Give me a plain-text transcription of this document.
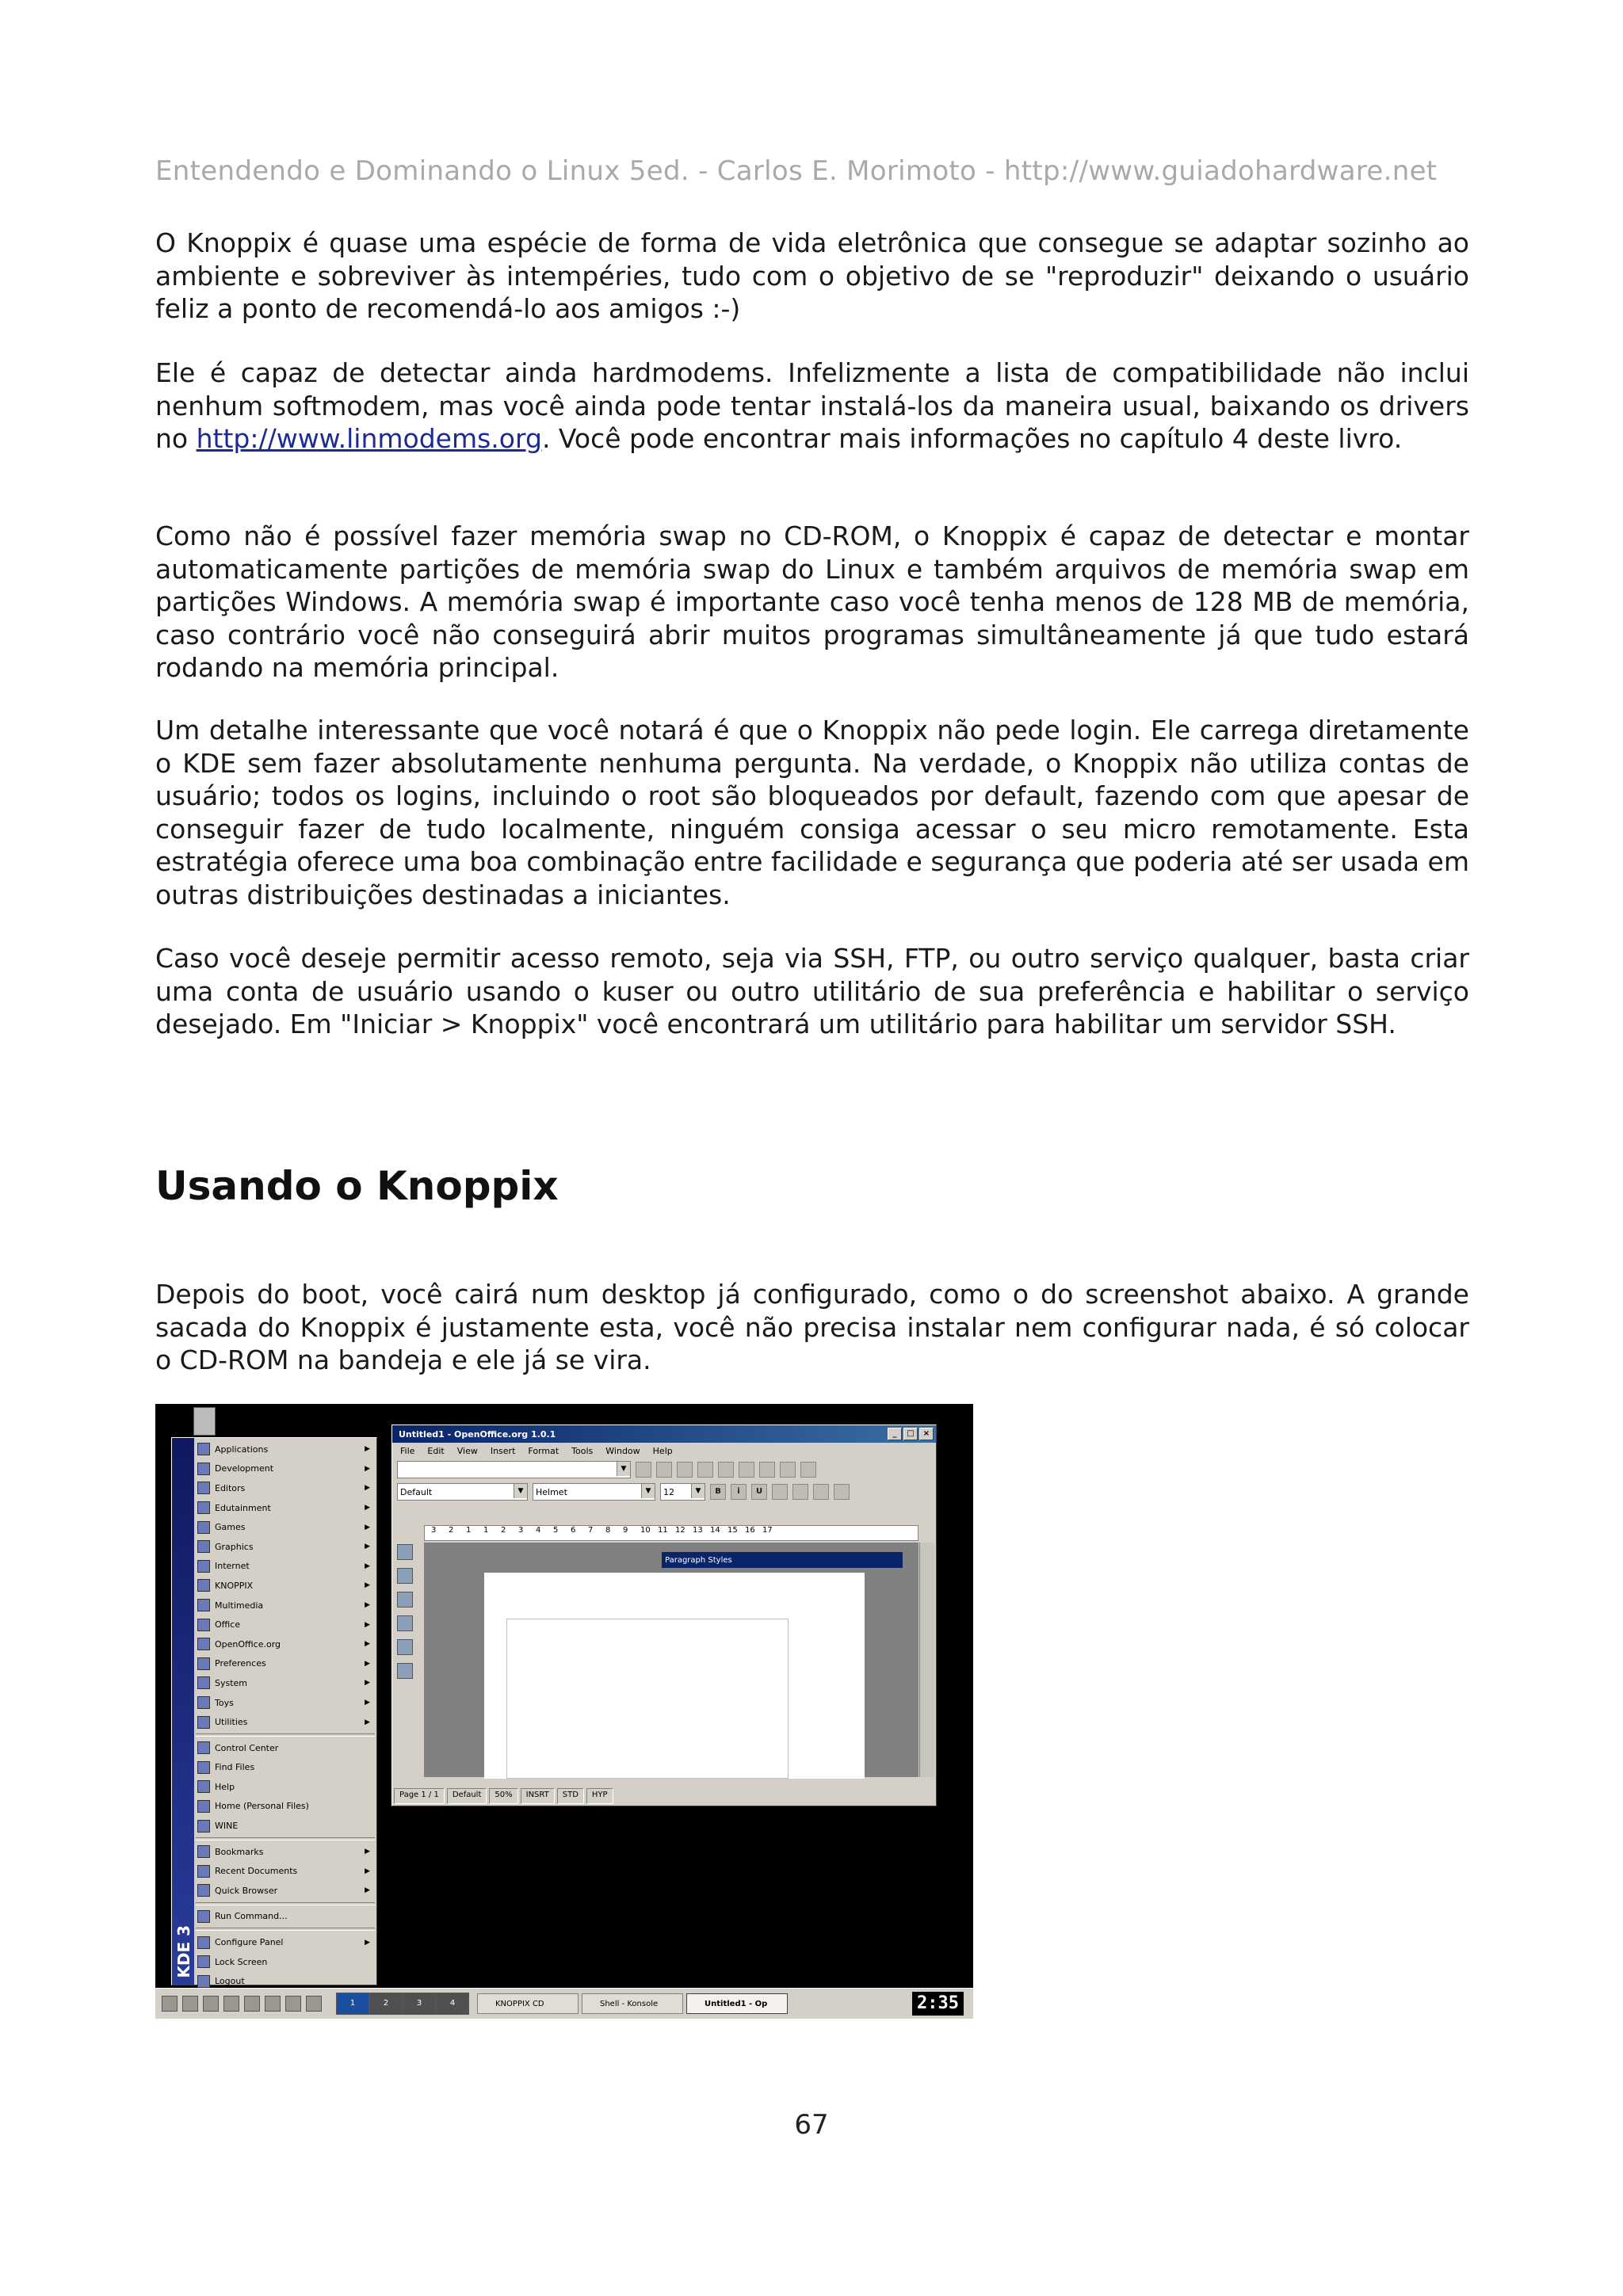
Entendendo e Dominando o Linux 5ed. - Carlos E. Morimoto - http://www.guiadohardware.net

O Knoppix é quase uma espécie de forma de vida eletrônica que consegue se adaptar sozinho ao ambiente e sobreviver às intempéries, tudo com o objetivo de se "reproduzir" deixando o usuário feliz a ponto de recomendá-lo aos amigos :-)

Ele é capaz de detectar ainda hardmodems. Infelizmente a lista de compatibilidade não inclui nenhum softmodem, mas você ainda pode tentar instalá-los da maneira usual, baixando os drivers no http://www.linmodems.org. Você pode encontrar mais informações no capítulo 4 deste livro.

Como não é possível fazer memória swap no CD-ROM, o Knoppix é capaz de detectar e montar automaticamente partições de memória swap do Linux e também arquivos de memória swap em partições Windows. A memória swap é importante caso você tenha menos de 128 MB de memória, caso contrário você não conseguirá abrir muitos programas simultâneamente já que tudo estará rodando na memória principal.

Um detalhe interessante que você notará é que o Knoppix não pede login. Ele carrega diretamente o KDE sem fazer absolutamente nenhuma pergunta. Na verdade, o Knoppix não utiliza contas de usuário; todos os logins, incluindo o root são bloqueados por default, fazendo com que apesar de conseguir fazer de tudo localmente, ninguém consiga acessar o seu micro remotamente. Esta estratégia oferece uma boa combinação entre facilidade e segurança que poderia até ser usada em outras distribuições destinadas a iniciantes.

Caso você deseje permitir acesso remoto, seja via SSH, FTP, ou outro serviço qualquer, basta criar uma conta de usuário usando o kuser ou outro utilitário de sua preferência e habilitar o serviço desejado. Em "Iniciar > Knoppix" você encontrará um utilitário para habilitar um servidor SSH.

Usando o Knoppix

Depois do boot, você cairá num desktop já configurado, como o do screenshot abaixo. A grande sacada do Knoppix é justamente esta, você não precisa instalar nem configurar nada, é só colocar o CD-ROM na bandeja e ele já se vira.

KDE 3
Applications	▶
Development	▶
Editors	▶
Edutainment	▶
Games	▶
Graphics	▶
Internet	▶
KNOPPIX	▶
Multimedia	▶
Office	▶
OpenOffice.org	▶
Preferences	▶
System	▶
Toys	▶
Utilities	▶
Control Center
Find Files
Help
Home (Personal Files)
WINE
Bookmarks	▶
Recent Documents	▶
Quick Browser	▶
Run Command...
Configure Panel	▶
Lock Screen
Logout
Untitled1 - OpenOffice.org 1.0.1	_	□	×
File Edit View Insert Format Tools Window Help
▼
Default	▼	Helmet	▼	12	▼	B	i	U
3 2 1 1 2 3 4 5 6 7 8 9 10 11 12 13 14 15 16 17
Paragraph Styles
Page 1 / 1	Default	50%	INSRT	STD	HYP
1	2	3	4	KNOPPIX CD	Shell - Konsole	Untitled1 - Op	2:35
67
